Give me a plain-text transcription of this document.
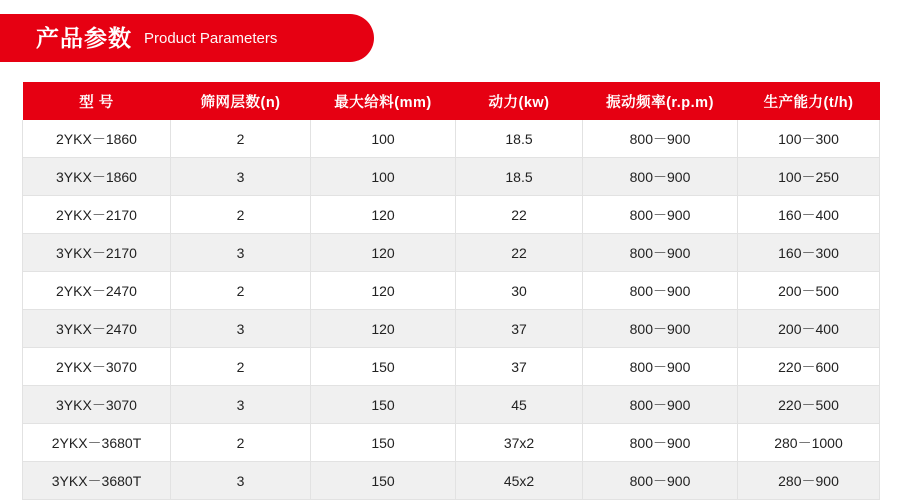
产品参数 Product Parameters
型 号	筛网层数(n)	最大给料(mm)	动力(kw)	振动频率(r.p.m)	生产能力(t/h)
2YKX－1860	2	100	18.5	800－900	100－300
3YKX－1860	3	100	18.5	800－900	100－250
2YKX－2170	2	120	22	800－900	160－400
3YKX－2170	3	120	22	800－900	160－300
2YKX－2470	2	120	30	800－900	200－500
3YKX－2470	3	120	37	800－900	200－400
2YKX－3070	2	150	37	800－900	220－600
3YKX－3070	3	150	45	800－900	220－500
2YKX－3680T	2	150	37x2	800－900	280－1000
3YKX－3680T	3	150	45x2	800－900	280－900
